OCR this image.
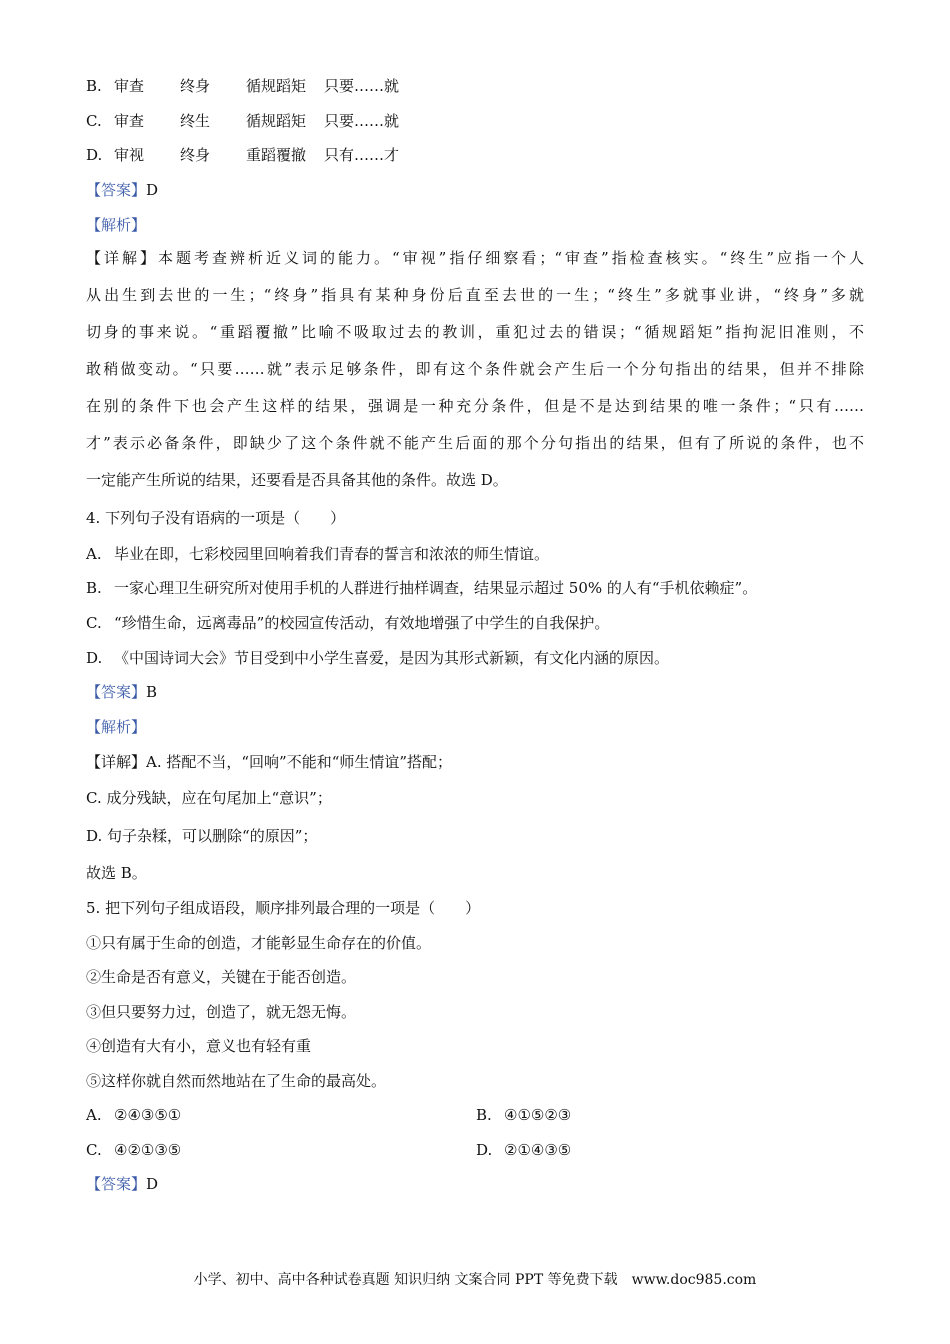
B. 审查 终身 循规蹈矩 只要……就
C. 审查 终生 循规蹈矩 只要……就
D. 审视 终身 重蹈覆撤 只有……才
【答案】D
【解析】
【详解】本题考查辨析近义词的能力。“审视”指仔细察看；“审查”指检查核实。“终生”应指一个人
从出生到去世的一生；“终身”指具有某种身份后直至去世的一生；“终生”多就事业讲，“终身”多就
切身的事来说。“重蹈覆撤”比喻不吸取过去的教训，重犯过去的错误；“循规蹈矩”指拘泥旧准则，不
敢稍做变动。“只要……就”表示足够条件，即有这个条件就会产生后一个分句指出的结果，但并不排除
在别的条件下也会产生这样的结果，强调是一种充分条件，但是不是达到结果的唯一条件；“只有……
才”表示必备条件，即缺少了这个条件就不能产生后面的那个分句指出的结果，但有了所说的条件，也不
一定能产生所说的结果，还要看是否具备其他的条件。故选 D。
4. 下列句子没有语病的一项是（　　）
A. 毕业在即，七彩校园里回响着我们青春的誓言和浓浓的师生情谊。
B. 一家心理卫生研究所对使用手机的人群进行抽样调查，结果显示超过 50% 的人有“手机依赖症”。
C. “珍惜生命，远离毒品”的校园宣传活动，有效地增强了中学生的自我保护。
D. 《中国诗词大会》节目受到中小学生喜爱，是因为其形式新颖，有文化内涵的原因。
【答案】B
【解析】
【详解】A. 搭配不当，“回响”不能和“师生情谊”搭配；
C. 成分残缺，应在句尾加上“意识”；
D. 句子杂糅，可以删除“的原因”；
故选 B。
5. 把下列句子组成语段，顺序排列最合理的一项是（　　）
①只有属于生命的创造，才能彰显生命存在的价值。
②生命是否有意义，关键在于能否创造。
③但只要努力过，创造了，就无怨无悔。
④创造有大有小，意义也有轻有重
⑤这样你就自然而然地站在了生命的最高处。
A. ②④③⑤①	B. ④①⑤②③
C. ④②①③⑤	D. ②①④③⑤
【答案】D
小学、初中、高中各种试卷真题 知识归纳 文案合同 PPT 等免费下载　www.doc985.com
